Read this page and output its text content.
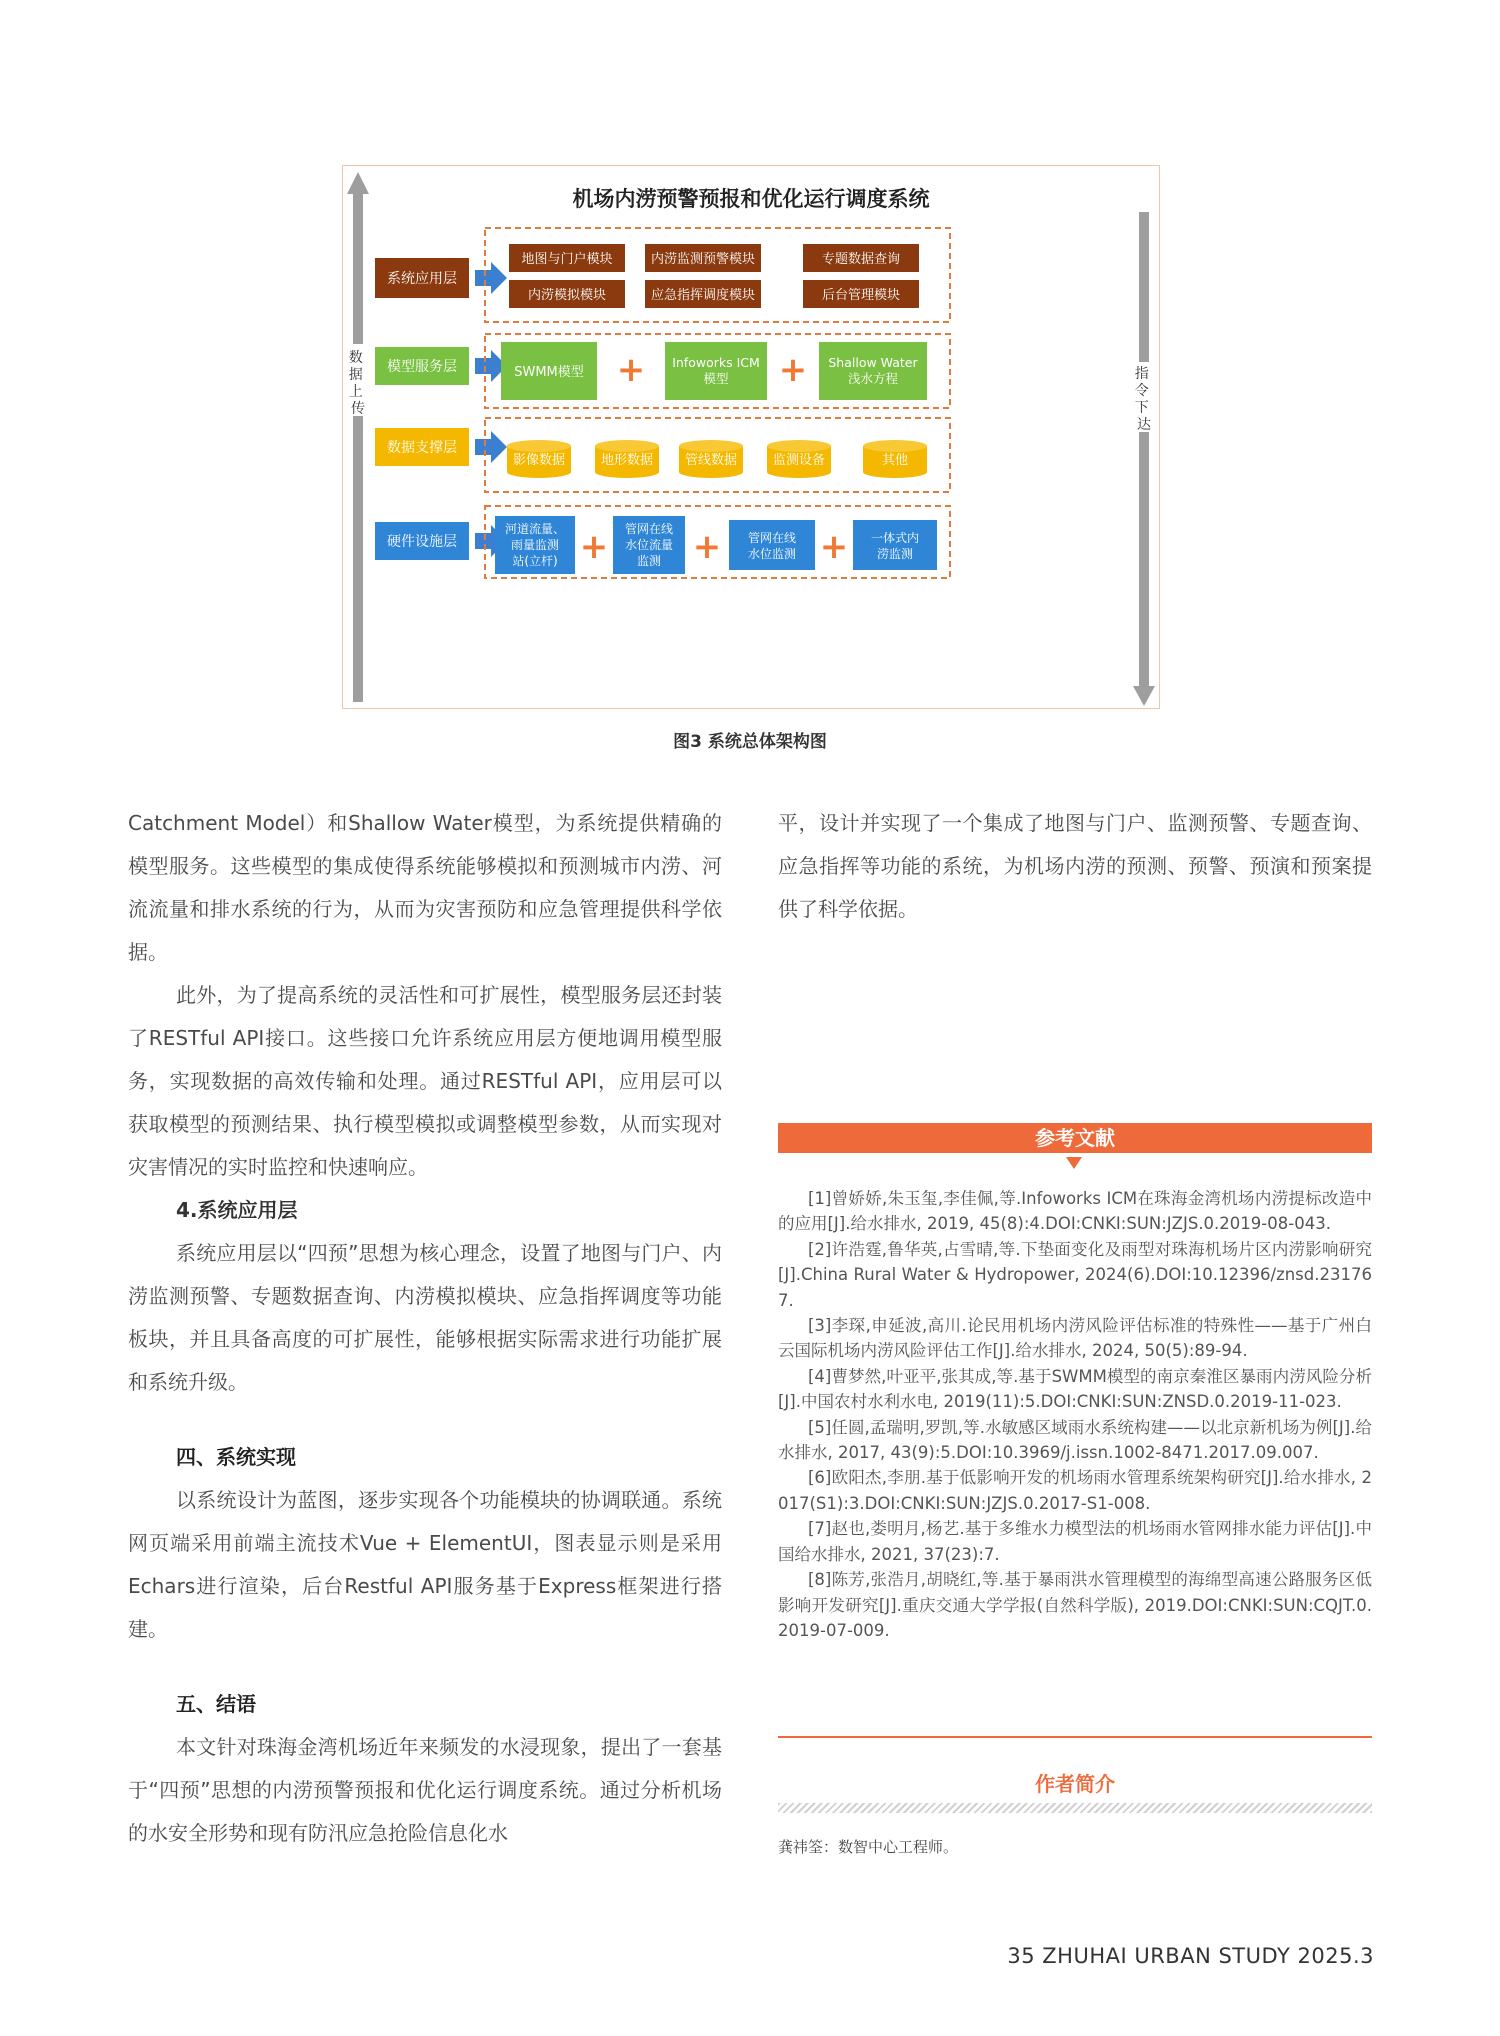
机场内涝预警预报和优化运行调度系统
数 据 上 传
指 令 下 达
系统应用层
模型服务层
数据支撑层
硬件设施层
地图与门户模块	内涝监测预警模块	专题数据查询
内涝模拟模块	应急指挥调度模块	后台管理模块
SWMM模型
Infoworks ICM 模型
Shallow Water 浅水方程
+	+
影像数据	地形数据 管线数据	监测设备	其他
河道流量、雨量监测站(立杆)
管网在线水位流量监测
管网在线水位监测
一体式内涝监测
+ +	+
图3 系统总体架构图

Catchment Model）和Shallow Water模型，为系统提供精确的模型服务。这些模型的集成使得系统能够模拟和预测城市内涝、河流流量和排水系统的行为，从而为灾害预防和应急管理提供科学依据。

此外，为了提高系统的灵活性和可扩展性，模型服务层还封装了RESTful API接口。这些接口允许系统应用层方便地调用模型服务，实现数据的高效传输和处理。通过RESTful API，应用层可以获取模型的预测结果、执行模型模拟或调整模型参数，从而实现对灾害情况的实时监控和快速响应。

4.系统应用层

系统应用层以“四预”思想为核心理念，设置了地图与门户、内涝监测预警、专题数据查询、内涝模拟模块、应急指挥调度等功能板块，并且具备高度的可扩展性，能够根据实际需求进行功能扩展和系统升级。

四、系统实现

以系统设计为蓝图，逐步实现各个功能模块的协调联通。系统网页端采用前端主流技术Vue + ElementUI，图表显示则是采用Echars进行渲染，后台Restful API服务基于Express框架进行搭建。

五、结语

本文针对珠海金湾机场近年来频发的水浸现象，提出了一套基于“四预”思想的内涝预警预报和优化运行调度系统。通过分析机场的水安全形势和现有防汛应急抢险信息化水

平，设计并实现了一个集成了地图与门户、监测预警、专题查询、应急指挥等功能的系统，为机场内涝的预测、预警、预演和预案提供了科学依据。

参考文献

[1]曾娇娇,朱玉玺,李佳佩,等.Infoworks ICM在珠海金湾机场内涝提标改造中的应用[J].给水排水, 2019, 45(8):4.DOI:CNKI:SUN:JZJS.0.2019-08-043.

[2]许浩霆,鲁华英,占雪晴,等.下垫面变化及雨型对珠海机场片区内涝影响研究[J].China Rural Water & Hydropower, 2024(6).DOI:10.12396/znsd.231767.

[3]李琛,申延波,高川.论民用机场内涝风险评估标准的特殊性——基于广州白云国际机场内涝风险评估工作[J].给水排水, 2024, 50(5):89-94.

[4]曹梦然,叶亚平,张其成,等.基于SWMM模型的南京秦淮区暴雨内涝风险分析[J].中国农村水利水电, 2019(11):5.DOI:CNKI:SUN:ZNSD.0.2019-11-023.

[5]任圆,孟瑞明,罗凯,等.水敏感区域雨水系统构建——以北京新机场为例[J].给水排水, 2017, 43(9):5.DOI:10.3969/j.issn.1002-8471.2017.09.007.

[6]欧阳杰,李朋.基于低影响开发的机场雨水管理系统架构研究[J].给水排水, 2017(S1):3.DOI:CNKI:SUN:JZJS.0.2017-S1-008.

[7]赵也,娄明月,杨艺.基于多维水力模型法的机场雨水管网排水能力评估[J].中国给水排水, 2021, 37(23):7.

[8]陈芳,张浩月,胡晓红,等.基于暴雨洪水管理模型的海绵型高速公路服务区低影响开发研究[J].重庆交通大学学报(自然科学版), 2019.DOI:CNKI:SUN:CQJT.0.2019-07-009.

作者简介
龚祎筌：数智中心工程师。
35 ZHUHAI URBAN STUDY 2025.3
